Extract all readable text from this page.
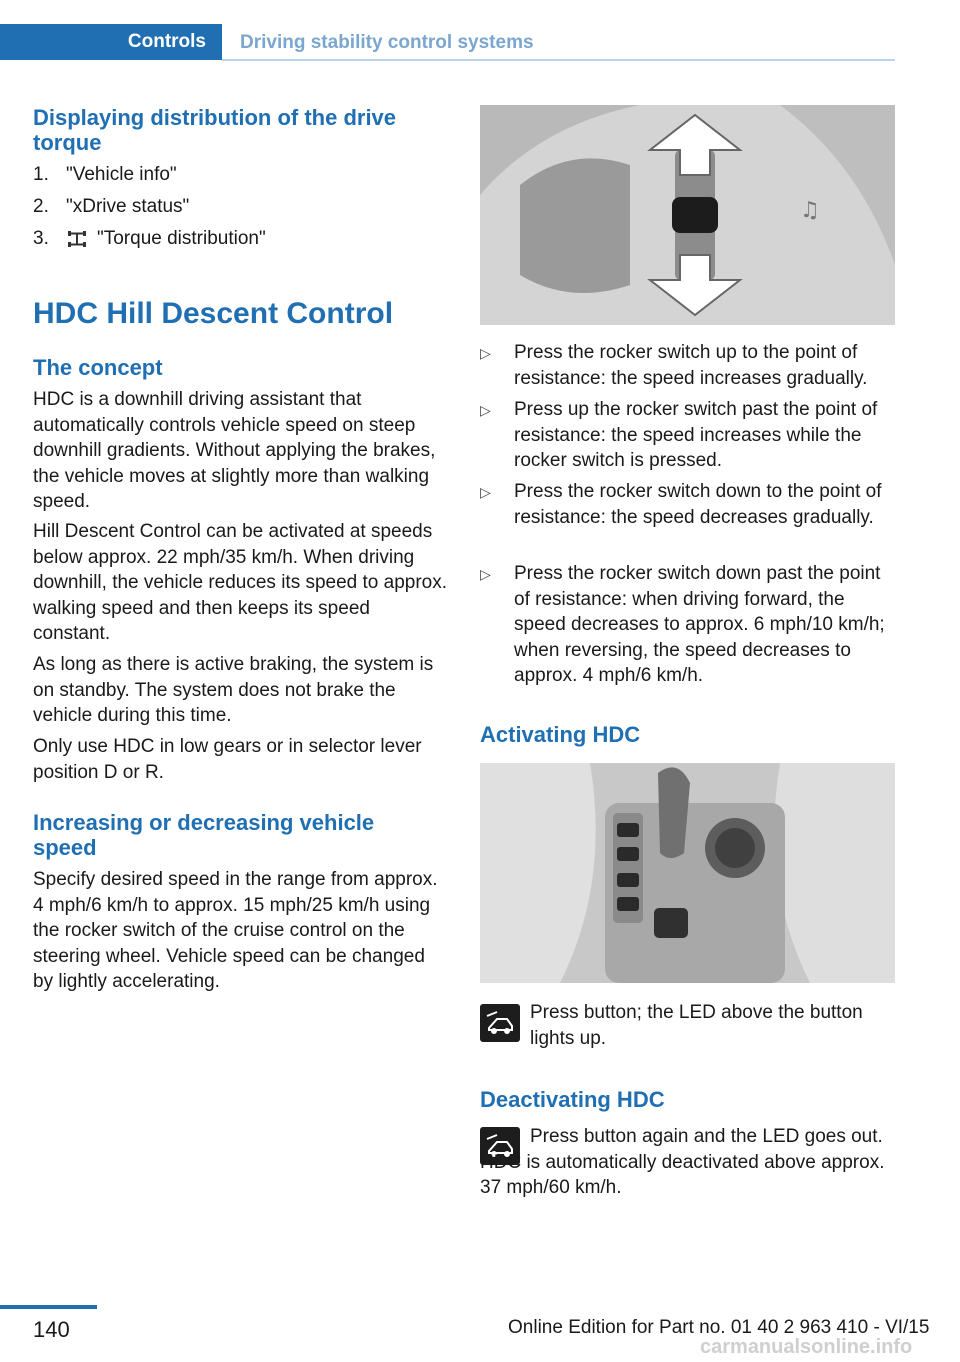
Controls	Driving stability control systems
Displaying distribution of the drive torque
1. "Vehicle info"
2. "xDrive status"
3.	"Torque distribution"
HDC Hill Descent Control
The concept
HDC is a downhill driving assistant that automatically controls vehicle speed on steep downhill gradients. Without applying the brakes, the vehicle moves at slightly more than walking speed.
Hill Descent Control can be activated at speeds below approx. 22 mph/35 km/h. When driving downhill, the vehicle reduces its speed to approx. walking speed and then keeps its speed constant.
As long as there is active braking, the system is on standby. The system does not brake the vehicle during this time.
Only use HDC in low gears or in selector lever position D or R.
Increasing or decreasing vehicle speed
Specify desired speed in the range from approx. 4 mph/6 km/h to approx. 15 mph/25 km/h using the rocker switch of the cruise control on the steering wheel. Vehicle speed can be changed by lightly accelerating.
♫
▷ Press the rocker switch up to the point of resistance: the speed increases gradually.
▷ Press up the rocker switch past the point of resistance: the speed increases while the rocker switch is pressed.
▷ Press the rocker switch down to the point of resistance: the speed decreases gradually.
▷ Press the rocker switch down past the point of resistance: when driving forward, the speed decreases to approx. 6 mph/10 km/h; when reversing, the speed decreases to approx. 4 mph/6 km/h.
Activating HDC
Press button; the LED above the button lights up.
Deactivating HDC
Press button again and the LED goes out. HDC is automatically deactivated above approx. 37 mph/60 km/h.
140	Online Edition for Part no. 01 40 2 963 410 - VI/15
carmanualsonline.info
